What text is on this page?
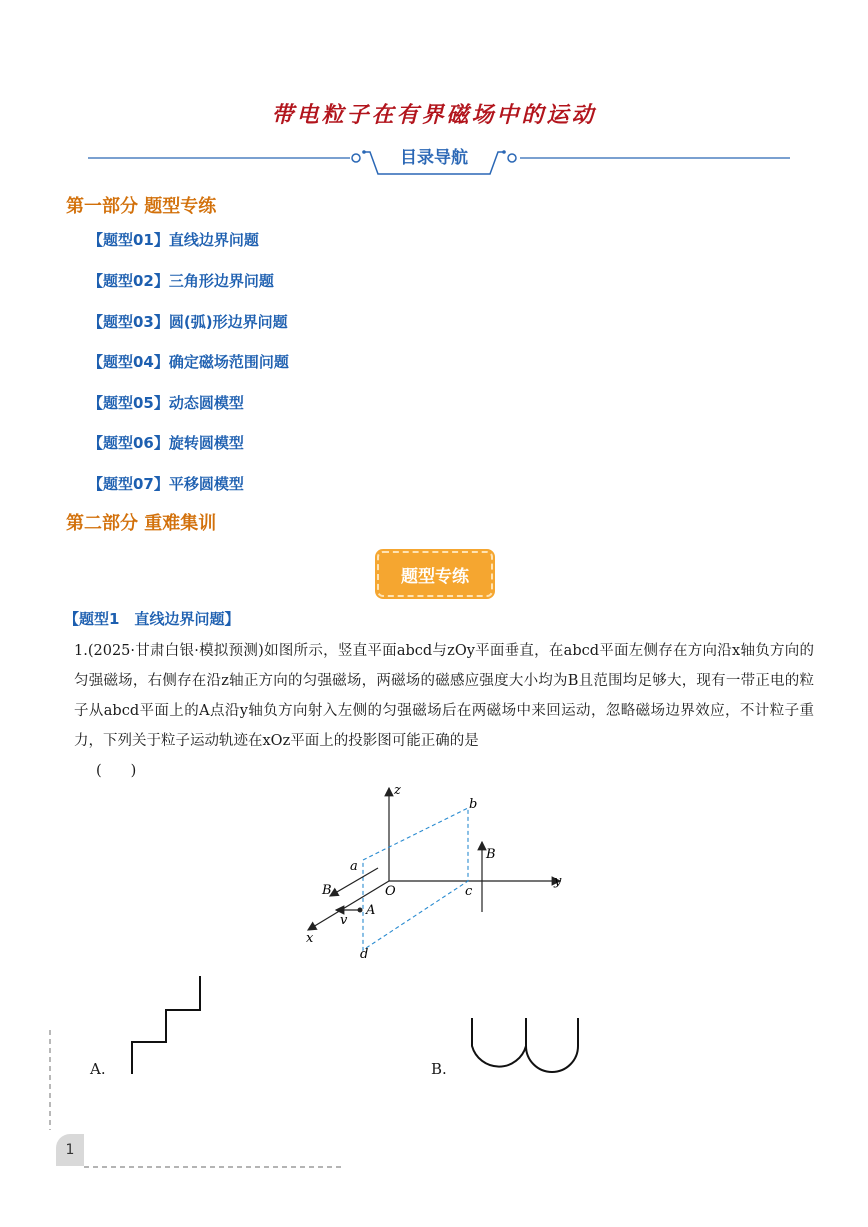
带电粒子在有界磁场中的运动
目录导航
第一部分 题型专练
【题型01】直线边界问题
【题型02】三角形边界问题
【题型03】圆(弧)形边界问题
【题型04】确定磁场范围问题
【题型05】动态圆模型
【题型06】旋转圆模型
【题型07】平移圆模型
第二部分 重难集训
题型专练
【题型1　直线边界问题】
1.(2025·甘肃白银·模拟预测)如图所示，竖直平面abcd与zOy平面垂直，在abcd平面左侧存在方向沿x轴负方向的匀强磁场，右侧存在沿z轴正方向的匀强磁场，两磁场的磁感应强度大小均为B且范围均足够大，现有一带正电的粒子从abcd平面上的A点沿y轴负方向射入左侧的匀强磁场后在两磁场中来回运动，忽略磁场边界效应，不计粒子重力，下列关于粒子运动轨迹在xOz平面上的投影图可能正确的是
(　　)
z
y
x
O
a
b
c
d
A
B
B
v
A.	B.
1
